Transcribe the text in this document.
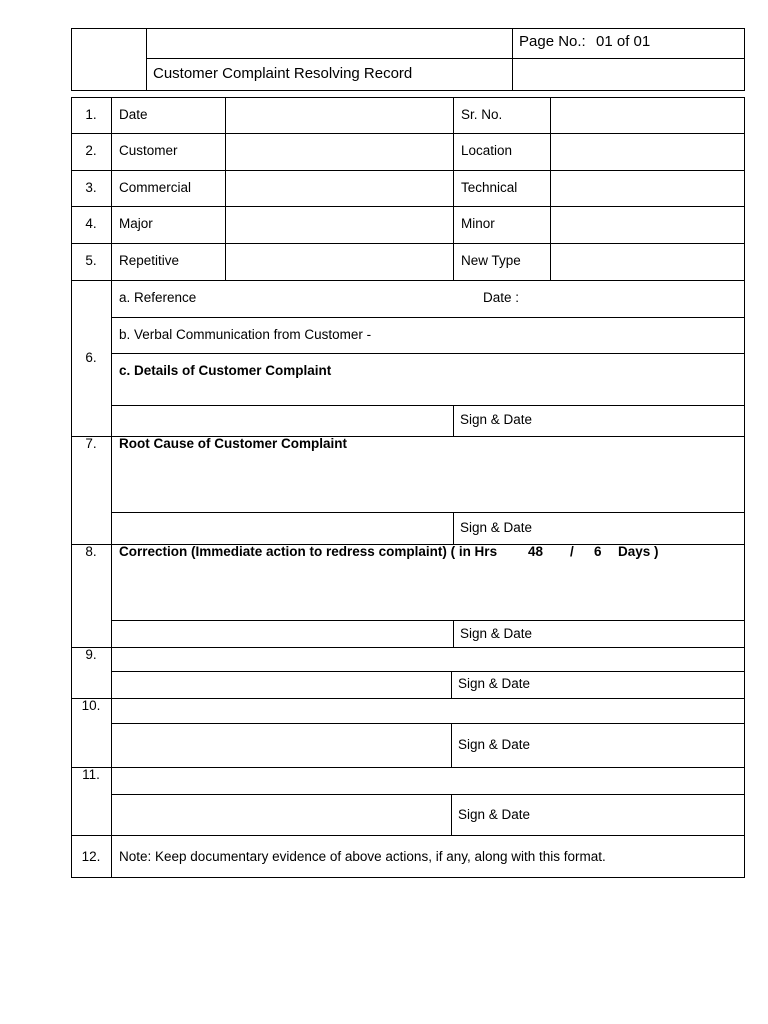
Page No.: 01 of 01
Customer Complaint Resolving Record
1.	Date	Sr. No.
2.	Customer	Location
3.	Commercial	Technical
4.	Major	Minor
5.	Repetitive	New Type
6.
a. Reference	Date :
b. Verbal Communication from Customer -
c. Details of Customer Complaint
Sign & Date
7.	Root Cause of Customer Complaint
Sign & Date
8.	Correction (Immediate action to redress complaint) ( in Hrs 48 / 6 Days )
Sign & Date
9.
Sign & Date
10.
Sign & Date
11.
Sign & Date
12.	Note: Keep documentary evidence of above actions, if any, along with this format.
